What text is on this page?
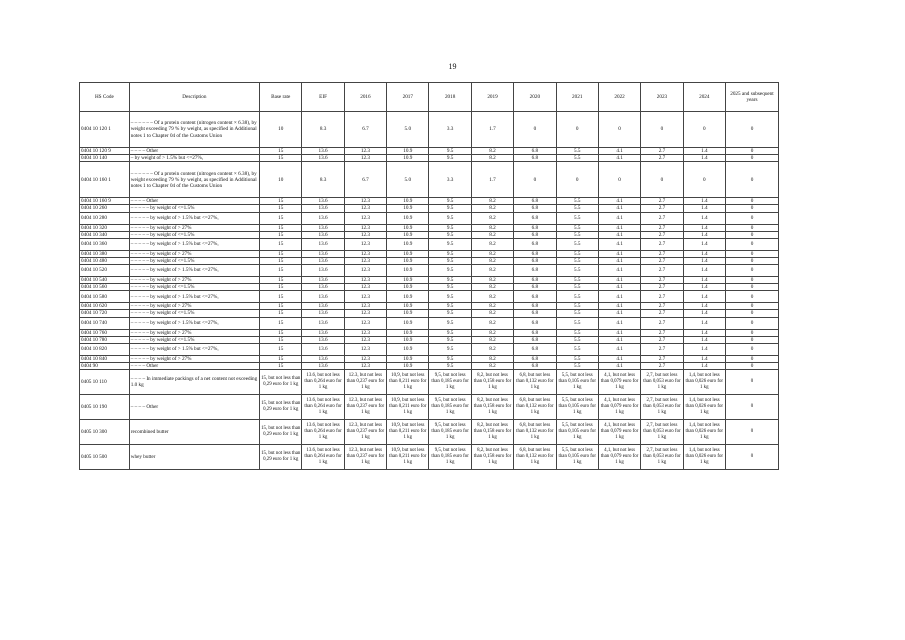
19
HS Code	Description	Base rate	EIF	2016	2017	2018	2019	2020	2021	2022	2023	2024	2025 and subsequent years
0404 10 120 1	– – – – – – Of a protein content (nitrogen content × 6.38), by weight exceeding 79 % by weight, as specified in Additional notes 1 to Chapter 04 of the Customs Union	10	8.3	6.7	5.0	3.3	1.7	0	0	0	0	0	0
0404 10 120 9	– – – – Other	15	13.6	12.3	10.9	9.5	8.2	6.8	5.5	4.1	2.7	1.4	0
0404 10 140	– by weight of > 1.5% but <=27%,	15	13.6	12.3	10.9	9.5	8.2	6.8	5.5	4.1	2.7	1.4	0
0404 10 160 1	– – – – – – Of a protein content (nitrogen content × 6.38), by weight exceeding 79 % by weight, as specified in Additional notes 1 to Chapter 04 of the Customs Union	10	8.3	6.7	5.0	3.3	1.7	0	0	0	0	0	0
0404 10 160 9	– – – – Other	15	13.6	12.3	10.9	9.5	8.2	6.8	5.5	4.1	2.7	1.4	0
0404 10 260	– – – – – by weight of <=1.5%	15	13.6	12.3	10.9	9.5	8.2	6.8	5.5	4.1	2.7	1.4	0
0404 10 280	– – – – – by weight of > 1.5% but <=27%,	15	13.6	12.3	10.9	9.5	8.2	6.8	5.5	4.1	2.7	1.4	0
0404 10 320	– – – – – by weight of > 27%	15	13.6	12.3	10.9	9.5	8.2	6.8	5.5	4.1	2.7	1.4	0
0404 10 340	– – – – – by weight of <=1.5%	15	13.6	12.3	10.9	9.5	8.2	6.8	5.5	4.1	2.7	1.4	0
0404 10 360	– – – – – by weight of > 1.5% but <=27%,	15	13.6	12.3	10.9	9.5	8.2	6.8	5.5	4.1	2.7	1.4	0
0404 10 380	– – – – – by weight of > 27%	15	13.6	12.3	10.9	9.5	8.2	6.8	5.5	4.1	2.7	1.4	0
0404 10 480	– – – – – by weight of <=1.5%	15	13.6	12.3	10.9	9.5	8.2	6.8	5.5	4.1	2.7	1.4	0
0404 10 520	– – – – – by weight of > 1.5% but <=27%,	15	13.6	12.3	10.9	9.5	8.2	6.8	5.5	4.1	2.7	1.4	0
0404 10 540	– – – – – by weight of > 27%	15	13.6	12.3	10.9	9.5	8.2	6.8	5.5	4.1	2.7	1.4	0
0404 10 560	– – – – – by weight of <=1.5%	15	13.6	12.3	10.9	9.5	8.2	6.8	5.5	4.1	2.7	1.4	0
0404 10 580	– – – – – by weight of > 1.5% but <=27%,	15	13.6	12.3	10.9	9.5	8.2	6.8	5.5	4.1	2.7	1.4	0
0404 10 620	– – – – – by weight of > 27%	15	13.6	12.3	10.9	9.5	8.2	6.8	5.5	4.1	2.7	1.4	0
0404 10 720	– – – – – by weight of <=1.5%	15	13.6	12.3	10.9	9.5	8.2	6.8	5.5	4.1	2.7	1.4	0
0404 10 740	– – – – – by weight of > 1.5% but <=27%,	15	13.6	12.3	10.9	9.5	8.2	6.8	5.5	4.1	2.7	1.4	0
0404 10 760	– – – – – by weight of > 27%	15	13.6	12.3	10.9	9.5	8.2	6.8	5.5	4.1	2.7	1.4	0
0404 10 780	– – – – – by weight of <=1.5%	15	13.6	12.3	10.9	9.5	8.2	6.8	5.5	4.1	2.7	1.4	0
0404 10 820	– – – – – by weight of > 1.5% but <=27%,	15	13.6	12.3	10.9	9.5	8.2	6.8	5.5	4.1	2.7	1.4	0
0404 10 840	– – – – – by weight of > 27%	15	13.6	12.3	10.9	9.5	8.2	6.8	5.5	4.1	2.7	1.4	0
0404 90	– – – – Other	15	13.6	12.3	10.9	9.5	8.2	6.8	5.5	4.1	2.7	1.4	0
0405 10 110	– – – – In immediate packings of a net content not exceeding 1.0 kg	15, but not less than 0,29 euro for 1 kg	13.6, but not less than 0,264 euro for 1 kg	12.3, but not less than 0,237 euro for 1 kg	10,9, but not less than 0,211 euro for 1 kg	9,5, but not less than 0,185 euro for 1 kg	8,2, but not less than 0,158 euro for 1 kg	6,8, but not less than 0,132 euro for 1 kg	5,5, but not less than 0,105 euro for 1 kg	4,1, but not less than 0,079 euro for 1 kg	2,7, but not less than 0,053 euro for 1 kg	1,4, but not less than 0,026 euro for 1 kg	0
0405 10 190	– – – – Other	15, but not less than 0,29 euro for 1 kg	13.6, but not less than 0,264 euro for 1 kg	12.3, but not less than 0,237 euro for 1 kg	10,9, but not less than 0,211 euro for 1 kg	9,5, but not less than 0,185 euro for 1 kg	8,2, but not less than 0,158 euro for 1 kg	6,8, but not less than 0,132 euro for 1 kg	5,5, but not less than 0,105 euro for 1 kg	4,1, but not less than 0,079 euro for 1 kg	2,7, but not less than 0,053 euro for 1 kg	1,4, but not less than 0,026 euro for 1 kg	0
0405 10 300	recombined butter	15, but not less than 0,29 euro for 1 kg	13.6, but not less than 0,264 euro for 1 kg	12.3, but not less than 0,237 euro for 1 kg	10,9, but not less than 0,211 euro for 1 kg	9,5, but not less than 0,185 euro for 1 kg	8,2, but not less than 0,158 euro for 1 kg	6,8, but not less than 0,132 euro for 1 kg	5,5, but not less than 0,105 euro for 1 kg	4,1, but not less than 0,079 euro for 1 kg	2,7, but not less than 0,053 euro for 1 kg	1,4, but not less than 0,026 euro for 1 kg	0
0405 10 500	whey butter	15, but not less than 0,29 euro for 1 kg	13.6, but not less than 0,264 euro for 1 kg	12.3, but not less than 0,237 euro for 1 kg	10,9, but not less than 0,211 euro for 1 kg	9,5, but not less than 0,185 euro for 1 kg	8,2, but not less than 0,158 euro for 1 kg	6,8, but not less than 0,132 euro for 1 kg	5,5, but not less than 0,105 euro for 1 kg	4,1, but not less than 0,079 euro for 1 kg	2,7, but not less than 0,053 euro for 1 kg	1,4, but not less than 0,026 euro for 1 kg	0
